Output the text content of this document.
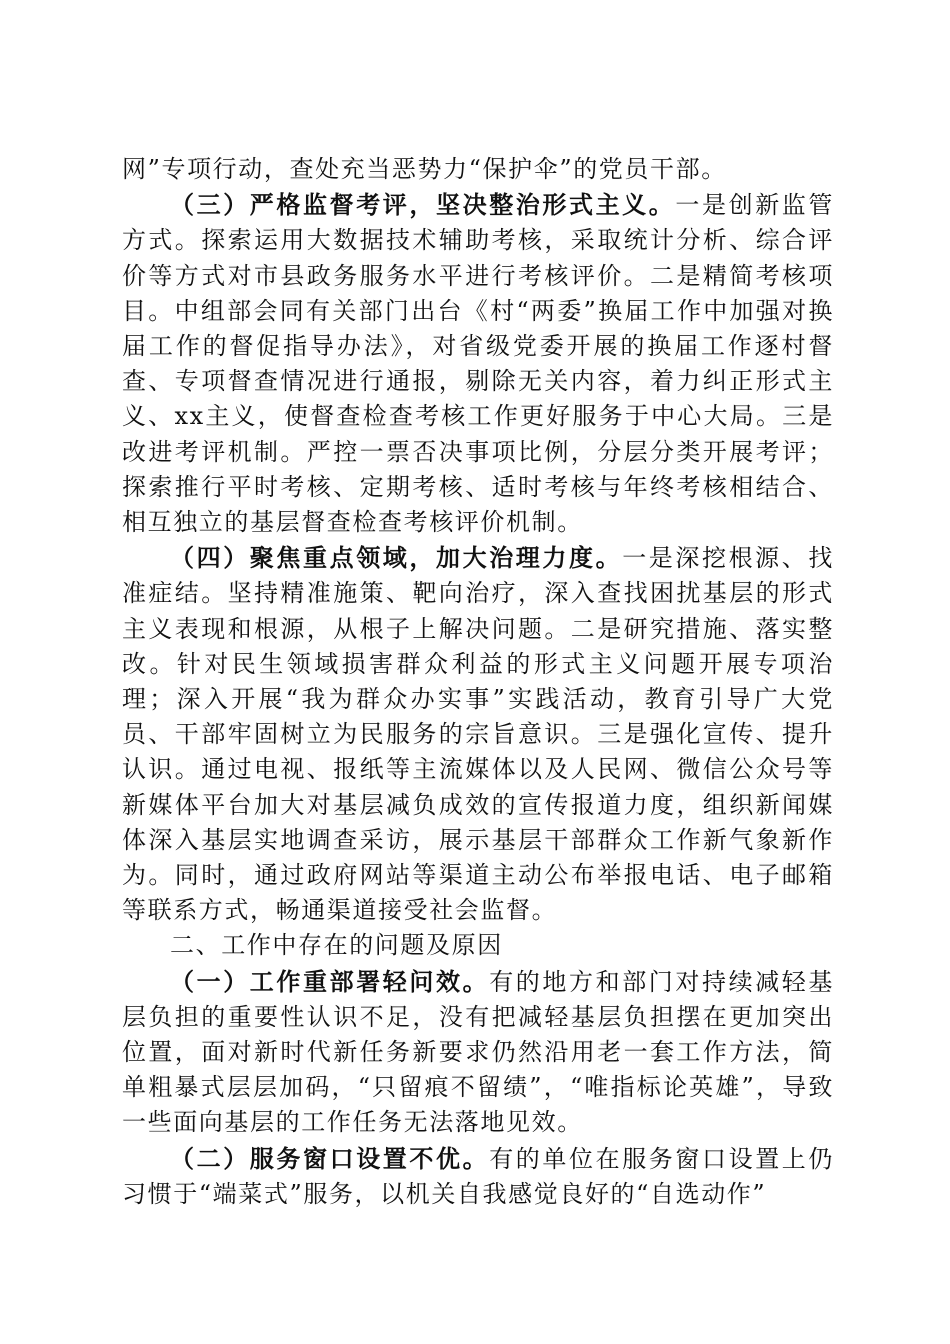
网”专项行动，查处充当恶势力“保护伞”的党员干部。

（三）严格监督考评，坚决整治形式主义。一是创新监管方式。探索运用大数据技术辅助考核，采取统计分析、综合评价等方式对市县政务服务水平进行考核评价。二是精简考核项目。中组部会同有关部门出台《村“两委”换届工作中加强对换届工作的督促指导办法》，对省级党委开展的换届工作逐村督查、专项督查情况进行通报，剔除无关内容，着力纠正形式主义、xx主义，使督查检查考核工作更好服务于中心大局。三是改进考评机制。严控一票否决事项比例，分层分类开展考评；探索推行平时考核、定期考核、适时考核与年终考核相结合、相互独立的基层督查检查考核评价机制。

（四）聚焦重点领域，加大治理力度。一是深挖根源、找准症结。坚持精准施策、靶向治疗，深入查找困扰基层的形式主义表现和根源，从根子上解决问题。二是研究措施、落实整改。针对民生领域损害群众利益的形式主义问题开展专项治理；深入开展“我为群众办实事”实践活动，教育引导广大党员、干部牢固树立为民服务的宗旨意识。三是强化宣传、提升认识。通过电视、报纸等主流媒体以及人民网、微信公众号等新媒体平台加大对基层减负成效的宣传报道力度，组织新闻媒体深入基层实地调查采访，展示基层干部群众工作新气象新作为。同时，通过政府网站等渠道主动公布举报电话、电子邮箱等联系方式，畅通渠道接受社会监督。

二、工作中存在的问题及原因

（一）工作重部署轻问效。有的地方和部门对持续减轻基层负担的重要性认识不足，没有把减轻基层负担摆在更加突出位置，面对新时代新任务新要求仍然沿用老一套工作方法，简单粗暴式层层加码，“只留痕不留绩”，“唯指标论英雄”，导致一些面向基层的工作任务无法落地见效。

（二）服务窗口设置不优。有的单位在服务窗口设置上仍习惯于“端菜式”服务，以机关自我感觉良好的“自选动作”
